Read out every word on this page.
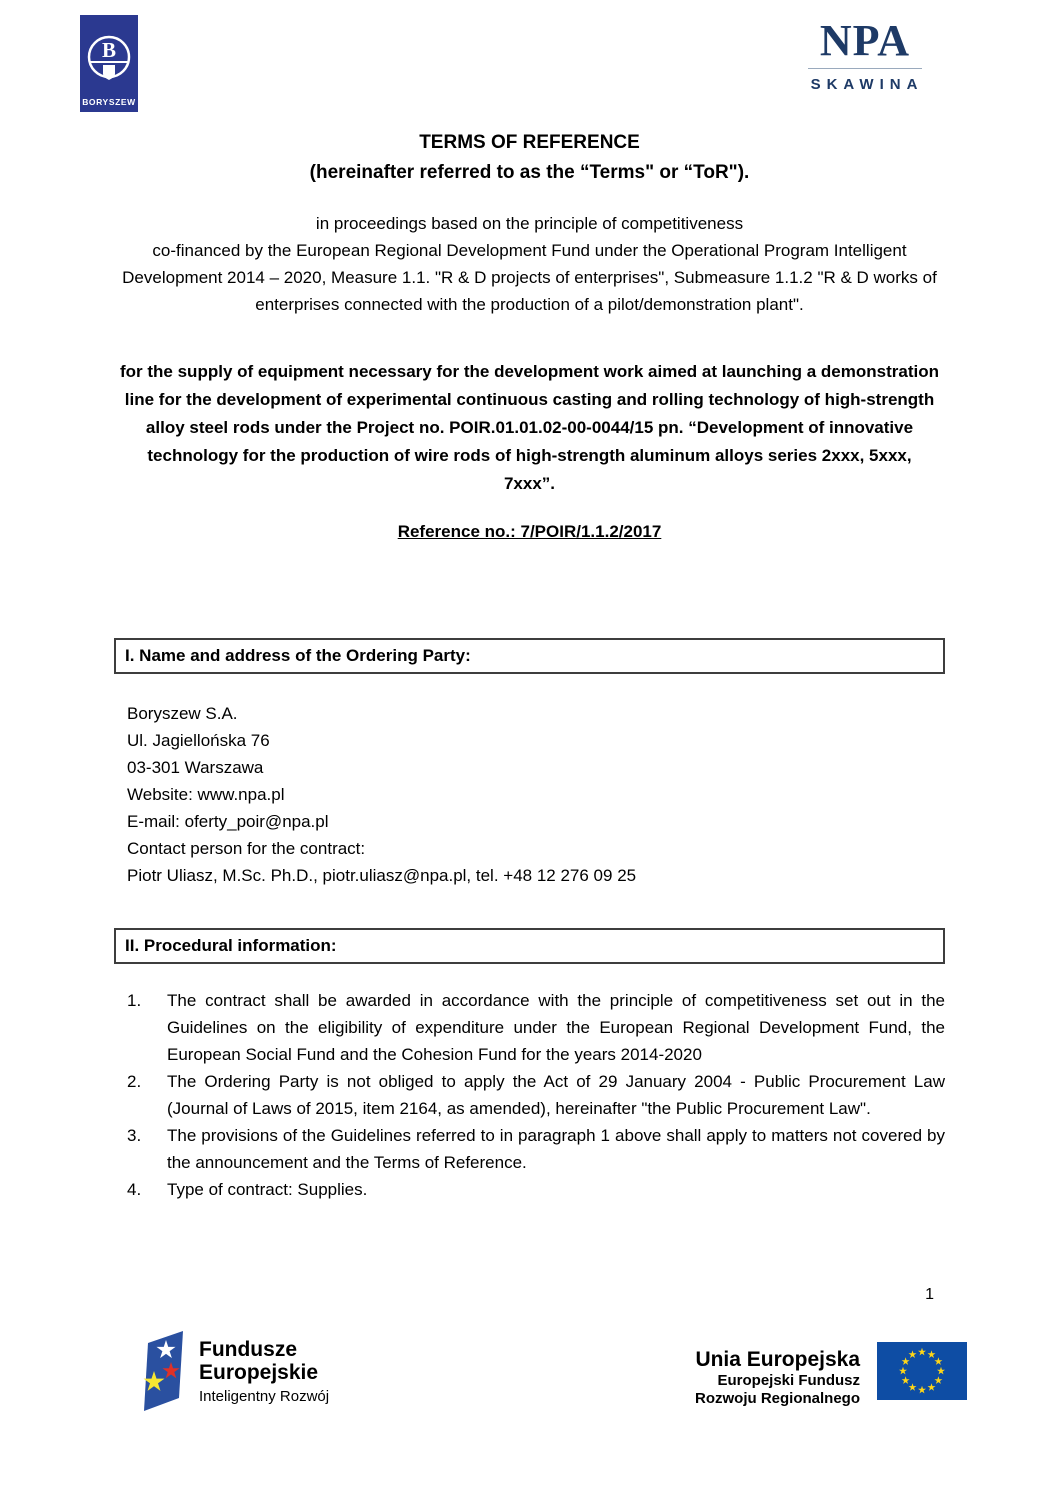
B
BORYSZEW
NPA
SKAWINA
TERMS OF REFERENCE
(hereinafter referred to as the “Terms" or “ToR").

in proceedings based on the principle of competitiveness
co-financed by the European Regional Development Fund under the Operational Program Intelligent Development 2014 – 2020, Measure 1.1. "R & D projects of enterprises", Submeasure 1.1.2 "R & D works of enterprises connected with the production of a pilot/demonstration plant".

for the supply of equipment necessary for the development work aimed at launching a demonstration line for the development of experimental continuous casting and rolling technology of high-strength alloy steel rods under the Project no. POIR.01.01.02-00-0044/15 pn. “Development of innovative technology for the production of wire rods of high-strength aluminum alloys series 2xxx, 5xxx, 7xxx”.

Reference no.: 7/POIR/1.1.2/2017

I. Name and address of the Ordering Party:
Boryszew S.A.
Ul. Jagiellońska 76
03-301 Warszawa
Website: www.npa.pl
E-mail: oferty_poir@npa.pl
Contact person for the contract:
Piotr Uliasz, M.Sc. Ph.D., piotr.uliasz@npa.pl, tel. +48 12 276 09 25
II. Procedural information:
1.	The contract shall be awarded in accordance with the principle of competitiveness set out in the Guidelines on the eligibility of expenditure under the European Regional Development Fund, the European Social Fund and the Cohesion Fund for the years 2014-2020
2.	The Ordering Party is not obliged to apply the Act of 29 January 2004 - Public Procurement Law (Journal of Laws of 2015, item 2164, as amended), hereinafter "the Public Procurement Law".
3.	The provisions of the Guidelines referred to in paragraph 1 above shall apply to matters not covered by the announcement and the Terms of Reference.
4.	Type of contract: Supplies.
1
Fundusze
Europejskie
Inteligentny Rozwój
Unia Europejska
Europejski Fundusz
Rozwoju Regionalnego
